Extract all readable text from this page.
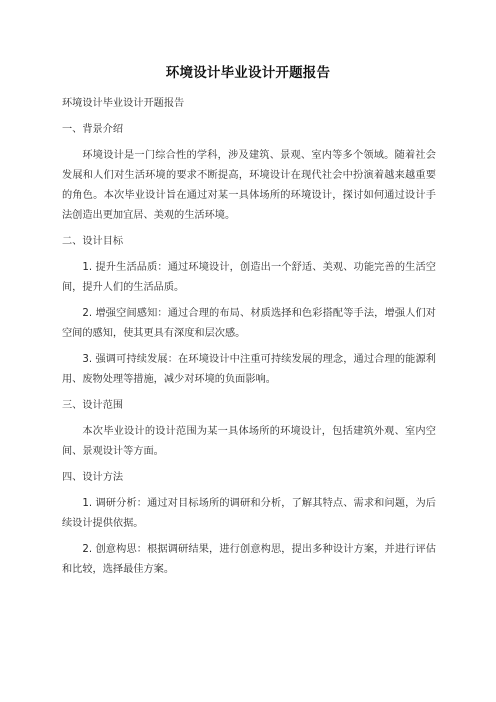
环境设计毕业设计开题报告

环境设计毕业设计开题报告

一、背景介绍

环境设计是一门综合性的学科，涉及建筑、景观、室内等多个领域。随着社会发展和人们对生活环境的要求不断提高，环境设计在现代社会中扮演着越来越重要的角色。本次毕业设计旨在通过对某一具体场所的环境设计，探讨如何通过设计手法创造出更加宜居、美观的生活环境。

二、设计目标

1. 提升生活品质：通过环境设计，创造出一个舒适、美观、功能完善的生活空间，提升人们的生活品质。

2. 增强空间感知：通过合理的布局、材质选择和色彩搭配等手法，增强人们对空间的感知，使其更具有深度和层次感。

3. 强调可持续发展：在环境设计中注重可持续发展的理念，通过合理的能源利用、废物处理等措施，减少对环境的负面影响。

三、设计范围

本次毕业设计的设计范围为某一具体场所的环境设计，包括建筑外观、室内空间、景观设计等方面。

四、设计方法

1. 调研分析：通过对目标场所的调研和分析，了解其特点、需求和问题，为后续设计提供依据。

2. 创意构思：根据调研结果，进行创意构思，提出多种设计方案，并进行评估和比较，选择最佳方案。
